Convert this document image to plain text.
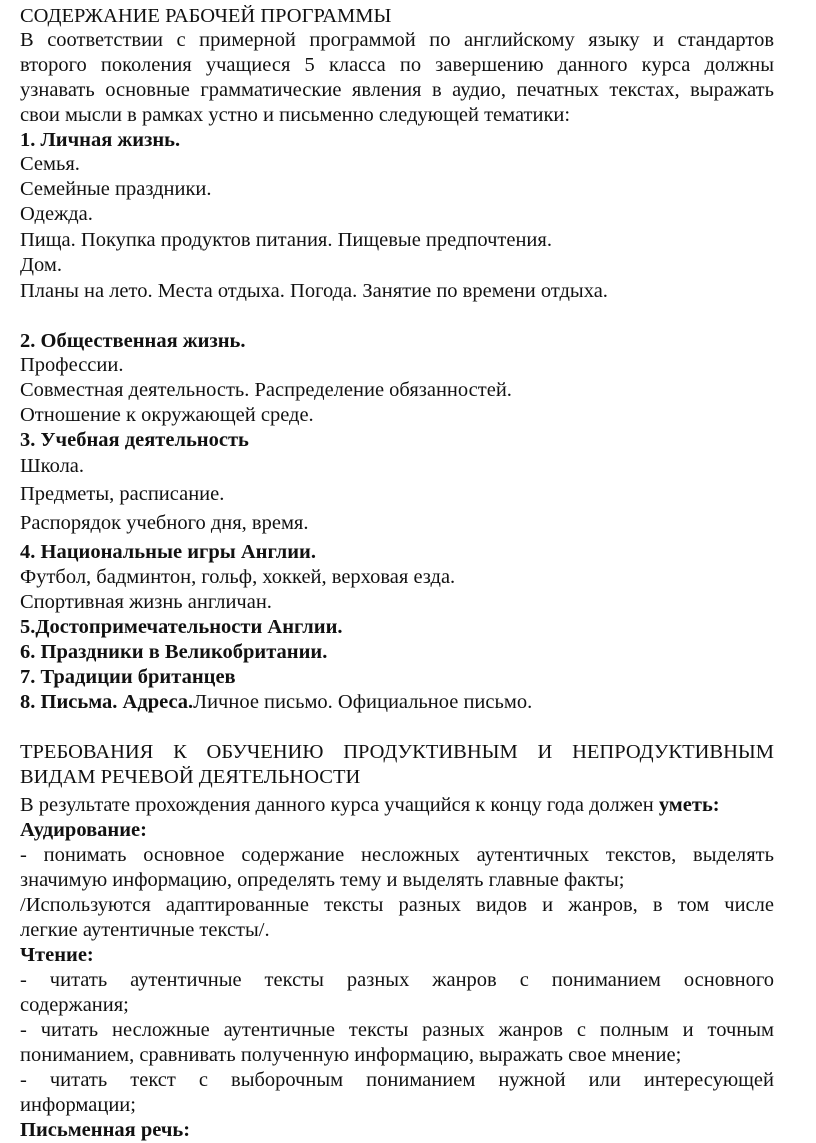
СОДЕРЖАНИЕ РАБОЧЕЙ ПРОГРАММЫ
В соответствии с примерной программой по английскому языку и стандартов
второго поколения учащиеся 5 класса по завершению данного курса должны
узнавать основные грамматические явления в аудио, печатных текстах, выражать
свои мысли в рамках устно и письменно следующей тематики:
1. Личная жизнь.
Семья.
Семейные праздники.
Одежда.
Пища. Покупка продуктов питания. Пищевые предпочтения.
Дом.
Планы на лето. Места отдыха. Погода. Занятие по времени отдыха.
2. Общественная жизнь.
Профессии.
Совместная деятельность. Распределение обязанностей.
Отношение к окружающей среде.
3. Учебная деятельность
Школа.
Предметы, расписание.
Распорядок учебного дня, время.
4. Национальные игры Англии.
Футбол, бадминтон, гольф, хоккей, верховая езда.
Спортивная жизнь англичан.
5.Достопримечательности Англии.
6. Праздники в Великобритании.
7. Традиции британцев
8. Письма. Адреса.Личное письмо. Официальное письмо.
ТРЕБОВАНИЯ К ОБУЧЕНИЮ ПРОДУКТИВНЫМ И НЕПРОДУКТИВНЫМ
ВИДАМ РЕЧЕВОЙ ДЕЯТЕЛЬНОСТИ
В результате прохождения данного курса учащийся к концу года должен уметь:
Аудирование:
- понимать основное содержание несложных аутентичных текстов, выделять
значимую информацию, определять тему и выделять главные факты;
/Используются адаптированные тексты разных видов и жанров, в том числе
легкие аутентичные тексты/.
Чтение:
- читать аутентичные тексты разных жанров с пониманием основного
содержания;
- читать несложные аутентичные тексты разных жанров с полным и точным
пониманием, сравнивать полученную информацию, выражать свое мнение;
- читать текст с выборочным пониманием нужной или интересующей
информации;
Письменная речь:
